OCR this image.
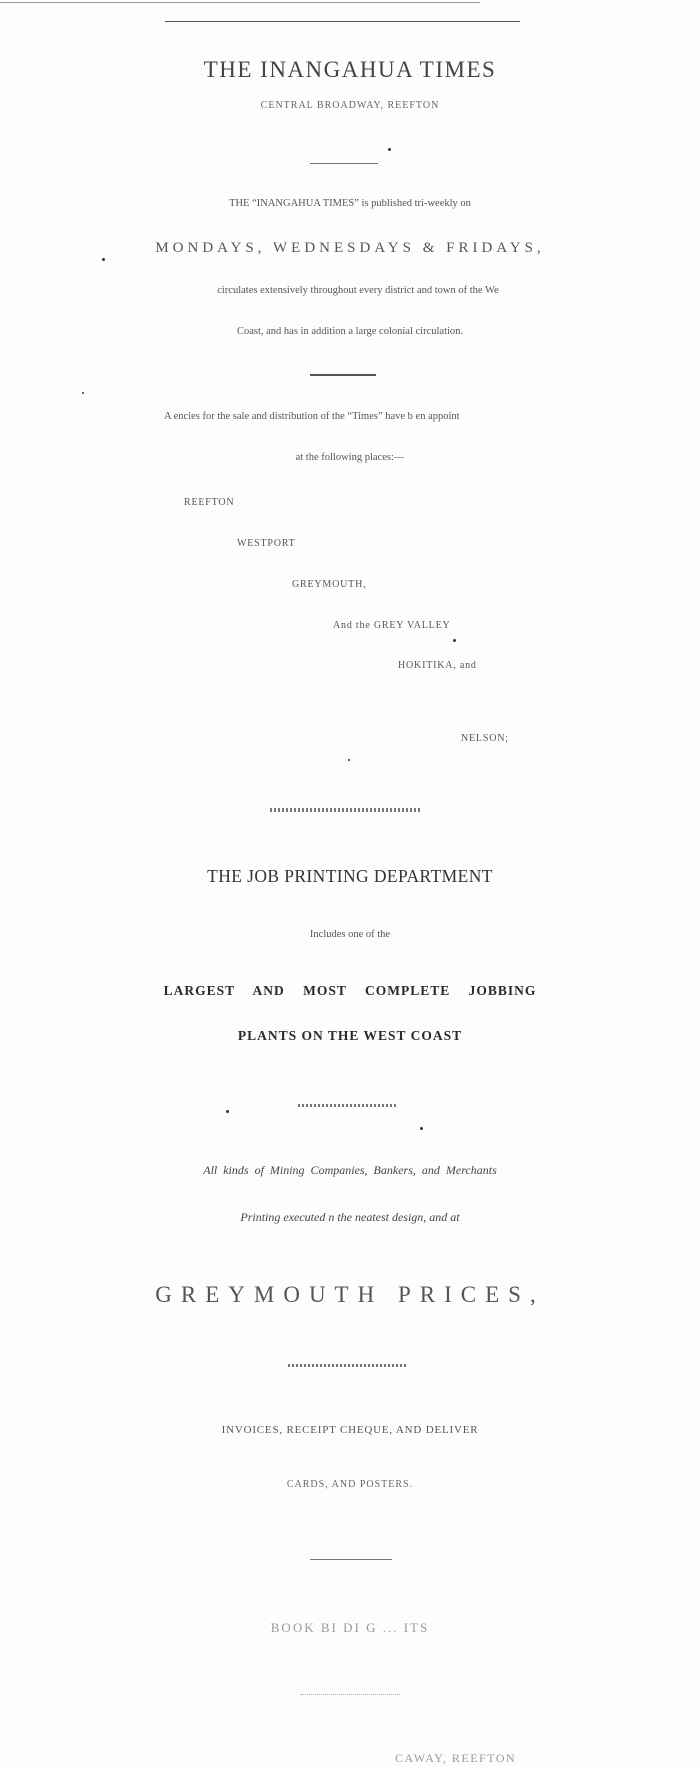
THE INANGAHUA TIMES
CENTRAL BROADWAY, REEFTON
THE “INANGAHUA TIMES” is published tri-weekly on
MONDAYS, WEDNESDAYS & FRIDAYS,
circulates extensively throughout every district and town of the We
Coast, and has in addition a large colonial circulation.
A encies for the sale and distribution of the “Times” have b en appoint
at the following places:—
REEFTON
WESTPORT
GREYMOUTH,
And the GREY VALLEY
HOKITIKA, and
NELSON;
THE JOB PRINTING DEPARTMENT
Includes one of the
LARGEST AND MOST COMPLETE JOBBING
PLANTS ON THE WEST COAST
All kinds of Mining Companies, Bankers, and Merchants
Printing executed n the neatest design, and at
GREYMOUTH PRICES,
INVOICES, RECEIPT CHEQUE, AND DELIVER
CARDS, AND POSTERS.
BOOK BI DI G ... ITS
CAWAY, REEFTON
